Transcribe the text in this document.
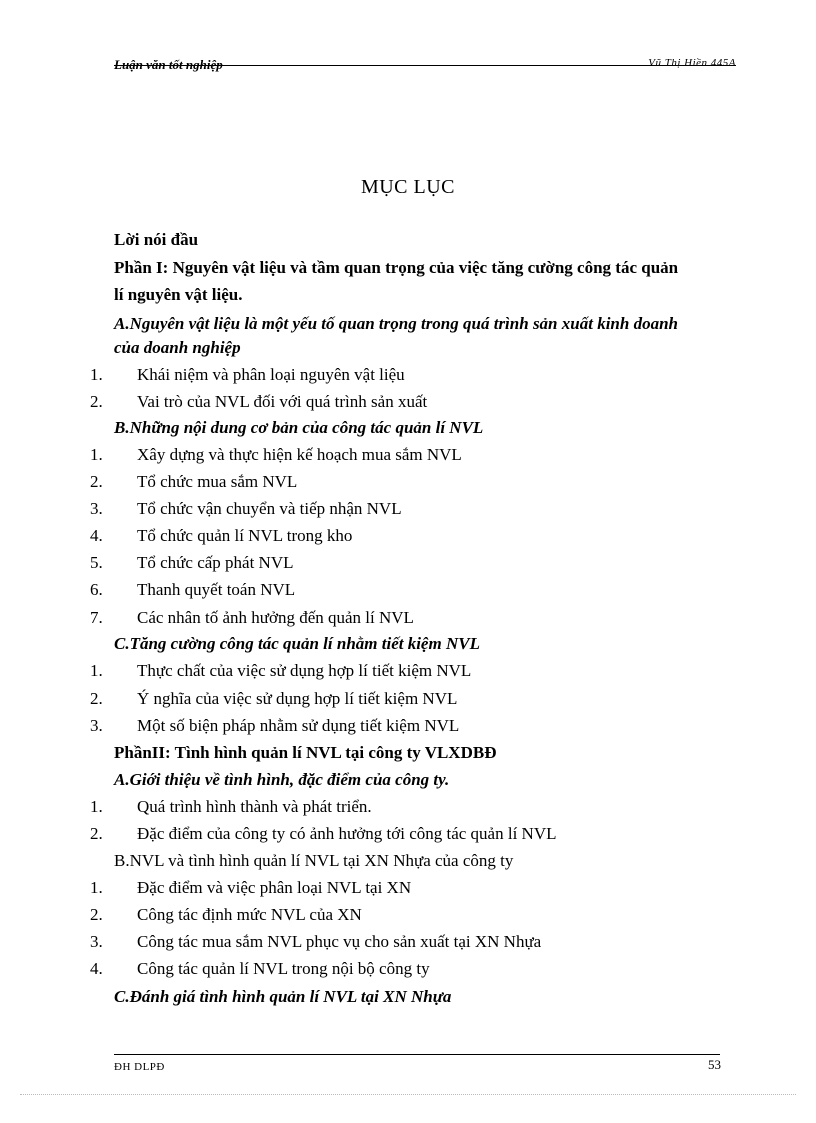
Luận văn tốt nghiệp	Vũ Thị Hiền 445A
MỤC LỤC
Lời nói đầu
Phần I: Nguyên vật liệu và tầm quan trọng của việc tăng cường công tác quản
lí nguyên vật liệu.
A.Nguyên vật liệu là một yếu tố quan trọng trong quá trình sản xuất kinh doanh
của doanh nghiệp
1. Khái niệm và phân loại nguyên vật liệu
2. Vai trò của NVL đối với quá trình sản xuất
B.Những nội dung cơ bản của công tác quản lí NVL
1. Xây dựng và thực hiện kế hoạch mua sắm NVL
2. Tổ chức mua sắm NVL
3. Tổ chức vận chuyển và tiếp nhận NVL
4. Tổ chức quản lí NVL trong kho
5. Tổ chức cấp phát NVL
6. Thanh quyết toán NVL
7. Các nhân tố ảnh hưởng đến quản lí NVL
C.Tăng cường công tác quản lí nhằm tiết kiệm NVL
1. Thực chất của việc sử dụng hợp lí tiết kiệm NVL
2. Ý nghĩa của việc sử dụng hợp lí tiết kiệm NVL
3. Một số biện pháp nhằm sử dụng tiết kiệm NVL
PhầnII: Tình hình quản lí NVL tại công ty VLXDBĐ
A.Giới thiệu về tình hình, đặc điểm của công ty.
1. Quá trình hình thành và phát triển.
2. Đặc điểm của công ty có ảnh hưởng tới công tác quản lí NVL
B.NVL và tình hình quản lí NVL tại XN Nhựa của công ty
1. Đặc điểm và việc phân loại NVL tại XN
2. Công tác định mức NVL của XN
3. Công tác mua sắm NVL phục vụ cho sản xuất tại XN Nhựa
4. Công tác quản lí NVL trong nội bộ công ty
C.Đánh giá tình hình quản lí NVL tại XN Nhựa
ĐH DLPĐ	53
